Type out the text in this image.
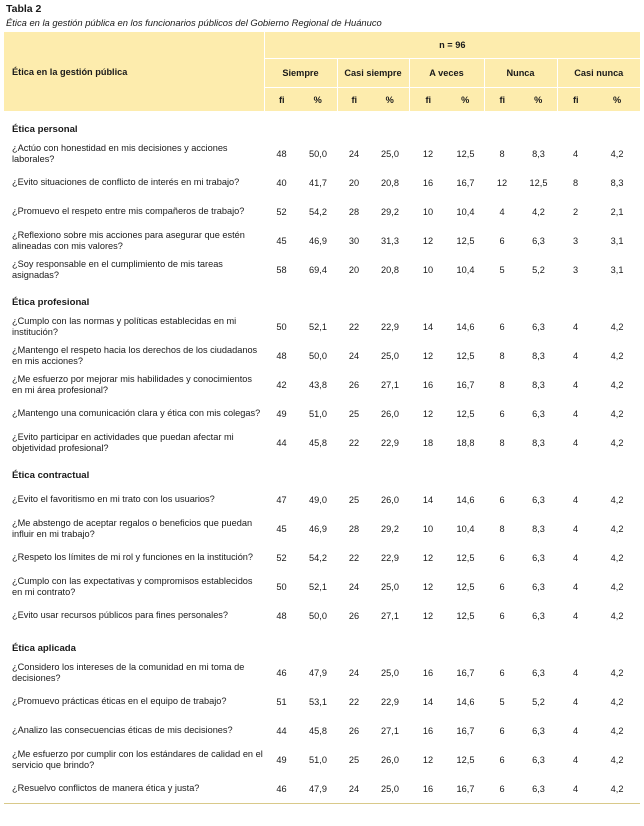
Tabla 2
Ética en la gestión pública en los funcionarios públicos del Gobierno Regional de Huánuco
Ética en la gestión pública	n = 96									
	Siempre		Casi siempre		A veces		Nunca		Casi nunca	
	fi	%	fi	%	fi	%	fi	%	fi	%
Ética personal										
¿Actúo con honestidad en mis decisiones y acciones laborales?	48	50,0	24	25,0	12	12,5	8	8,3	4	4,2
¿Evito situaciones de conflicto de interés en mi trabajo?	40	41,7	20	20,8	16	16,7	12	12,5	8	8,3
¿Promuevo el respeto entre mis compañeros de trabajo?	52	54,2	28	29,2	10	10,4	4	4,2	2	2,1
¿Reflexiono sobre mis acciones para asegurar que estén alineadas con mis valores?	45	46,9	30	31,3	12	12,5	6	6,3	3	3,1
¿Soy responsable en el cumplimiento de mis tareas asignadas?	58	69,4	20	20,8	10	10,4	5	5,2	3	3,1
Ética profesional										
¿Cumplo con las normas y políticas establecidas en mi institución?	50	52,1	22	22,9	14	14,6	6	6,3	4	4,2
¿Mantengo el respeto hacia los derechos de los ciudadanos en mis acciones?	48	50,0	24	25,0	12	12,5	8	8,3	4	4,2
¿Me esfuerzo por mejorar mis habilidades y conocimientos en mi área profesional?	42	43,8	26	27,1	16	16,7	8	8,3	4	4,2
¿Mantengo una comunicación clara y ética con mis colegas?	49	51,0	25	26,0	12	12,5	6	6,3	4	4,2
¿Evito participar en actividades que puedan afectar mi objetividad profesional?	44	45,8	22	22,9	18	18,8	8	8,3	4	4,2
Ética contractual										
¿Evito el favoritismo en mi trato con los usuarios?	47	49,0	25	26,0	14	14,6	6	6,3	4	4,2
¿Me abstengo de aceptar regalos o beneficios que puedan influir en mi trabajo?	45	46,9	28	29,2	10	10,4	8	8,3	4	4,2
¿Respeto los límites de mi rol y funciones en la institución?	52	54,2	22	22,9	12	12,5	6	6,3	4	4,2
¿Cumplo con las expectativas y compromisos establecidos en mi contrato?	50	52,1	24	25,0	12	12,5	6	6,3	4	4,2
¿Evito usar recursos públicos para fines personales?	48	50,0	26	27,1	12	12,5	6	6,3	4	4,2
Ética aplicada										
¿Considero los intereses de la comunidad en mi toma de decisiones?	46	47,9	24	25,0	16	16,7	6	6,3	4	4,2
¿Promuevo prácticas éticas en el equipo de trabajo?	51	53,1	22	22,9	14	14,6	5	5,2	4	4,2
¿Analizo las consecuencias éticas de mis decisiones?	44	45,8	26	27,1	16	16,7	6	6,3	4	4,2
¿Me esfuerzo por cumplir con los estándares de calidad en el servicio que brindo?	49	51,0	25	26,0	12	12,5	6	6,3	4	4,2
¿Resuelvo conflictos de manera ética y justa?	46	47,9	24	25,0	16	16,7	6	6,3	4	4,2
